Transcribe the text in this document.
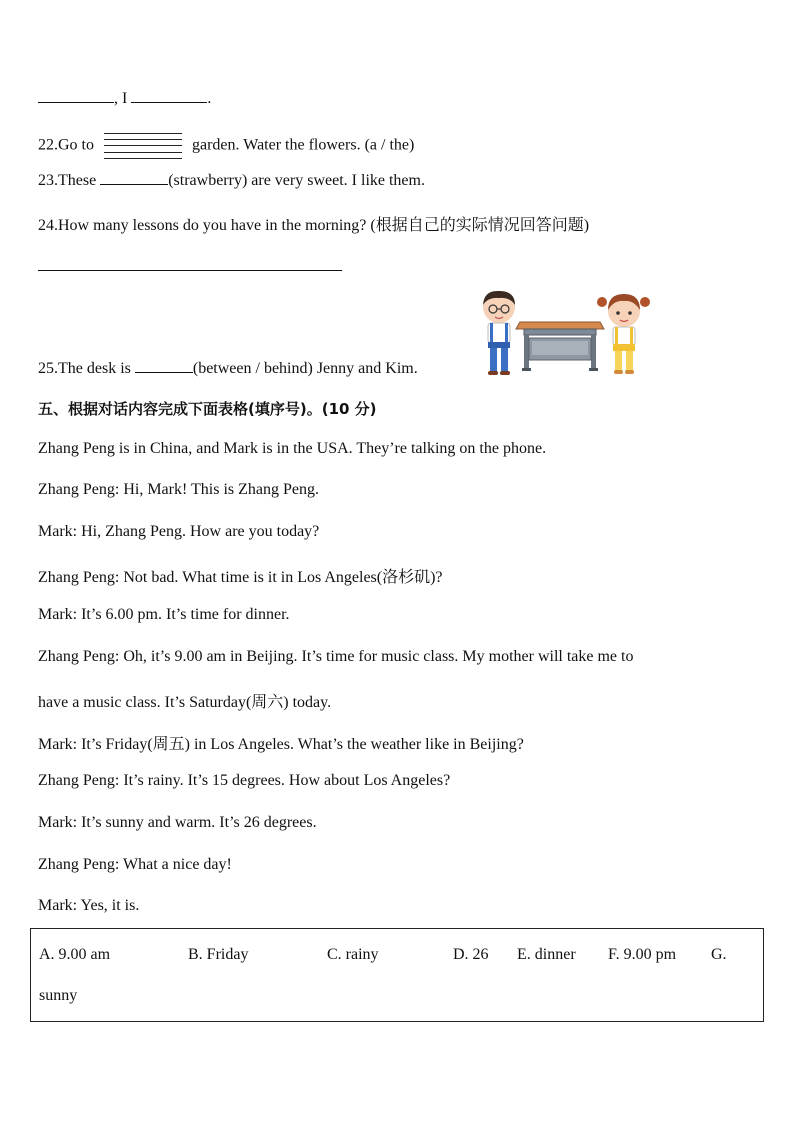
, I	.
22.Go to	garden. Water the flowers. (a / the)
23.These	(strawberry) are very sweet. I like them.
24.How many lessons do you have in the morning? (根据自己的实际情况回答问题)
25.The desk is	(between / behind) Jenny and Kim.
五、根据对话内容完成下面表格(填序号)。(10 分)
Zhang Peng is in China, and Mark is in the USA. They’re talking on the phone.
Zhang Peng: Hi, Mark! This is Zhang Peng.
Mark: Hi, Zhang Peng. How are you today?
Zhang Peng: Not bad. What time is it in Los Angeles(洛杉矶)?
Mark: It’s 6.00 pm. It’s time for dinner.
Zhang Peng: Oh, it’s 9.00 am in Beijing. It’s time for music class. My mother will take me to
have a music class. It’s Saturday(周六) today.
Mark: It’s Friday(周五) in Los Angeles. What’s the weather like in Beijing?
Zhang Peng: It’s rainy. It’s 15 degrees. How about Los Angeles?
Mark: It’s sunny and warm. It’s 26 degrees.
Zhang Peng: What a nice day!
Mark: Yes, it is.
A. 9.00 am	B. Friday	C. rainy	D. 26 E. dinner F. 9.00 pm G.
sunny
